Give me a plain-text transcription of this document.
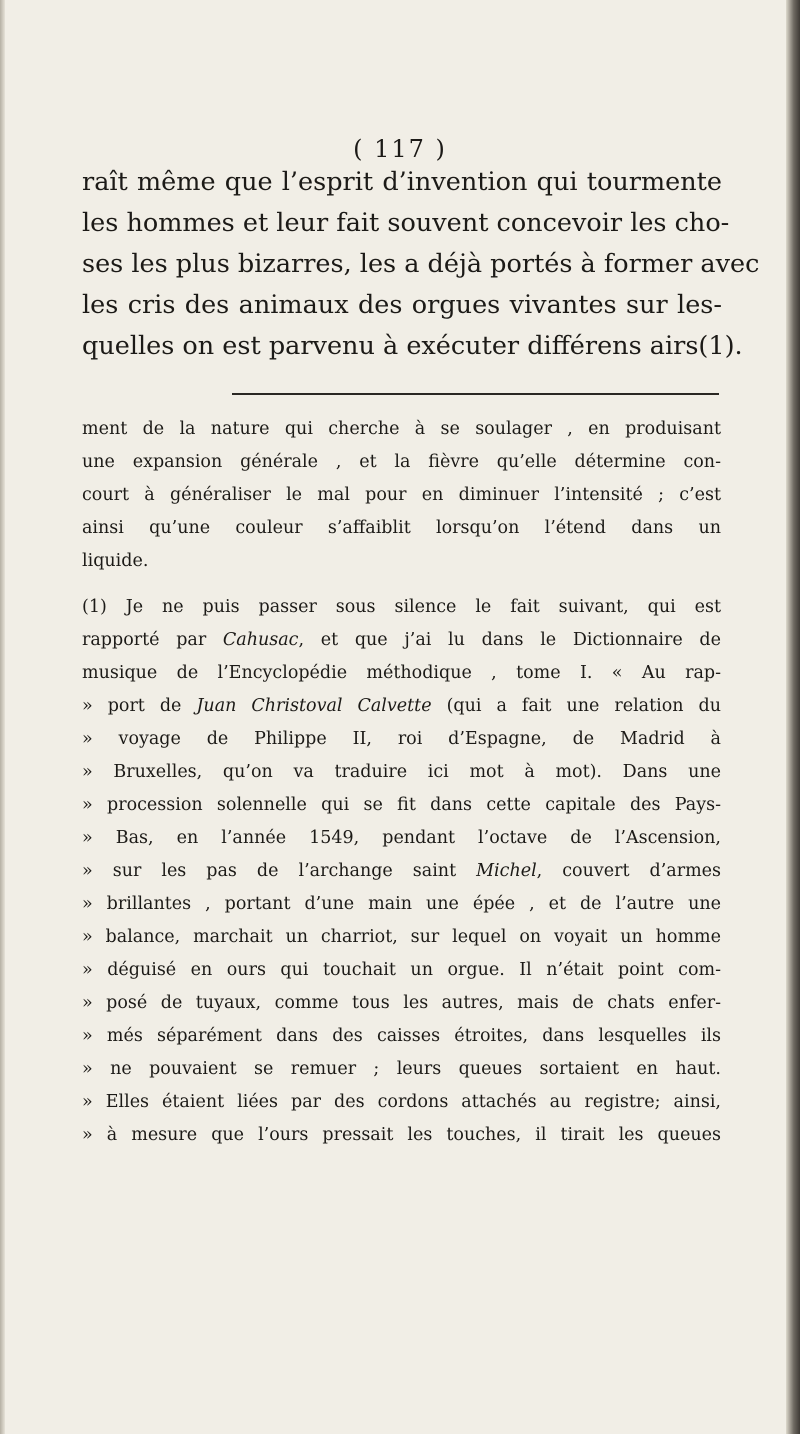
( 117 )
raît même que l’esprit d’invention qui tourmente
les hommes et leur fait souvent concevoir les cho-
ses les plus bizarres, les a déjà portés à former avec
les cris des animaux des orgues vivantes sur les-
quelles on est parvenu à exécuter différens airs(1).
ment de la nature qui cherche à se soulager , en produisant
une expansion générale , et la fièvre qu’elle détermine con-
court à généraliser le mal pour en diminuer l’intensité ; c’est
ainsi qu’une couleur s’affaiblit lorsqu’on l’étend dans un
liquide.
(1) Je ne puis passer sous silence le fait suivant, qui est
rapporté par Cahusac, et que j’ai lu dans le Dictionnaire de
musique de l’Encyclopédie méthodique , tome I. « Au rap-
» port de Juan Christoval Calvette (qui a fait une relation du
» voyage de Philippe II, roi d’Espagne, de Madrid à
» Bruxelles, qu’on va traduire ici mot à mot). Dans une
» procession solennelle qui se fit dans cette capitale des Pays-
» Bas, en l’année 1549, pendant l’octave de l’Ascension,
» sur les pas de l’archange saint Michel, couvert d’armes
» brillantes , portant d’une main une épée , et de l’autre une
» balance, marchait un charriot, sur lequel on voyait un homme
» déguisé en ours qui touchait un orgue. Il n’était point com-
» posé de tuyaux, comme tous les autres, mais de chats enfer-
» més séparément dans des caisses étroites, dans lesquelles ils
» ne pouvaient se remuer ; leurs queues sortaient en haut.
» Elles étaient liées par des cordons attachés au registre; ainsi,
» à mesure que l’ours pressait les touches, il tirait les queues
